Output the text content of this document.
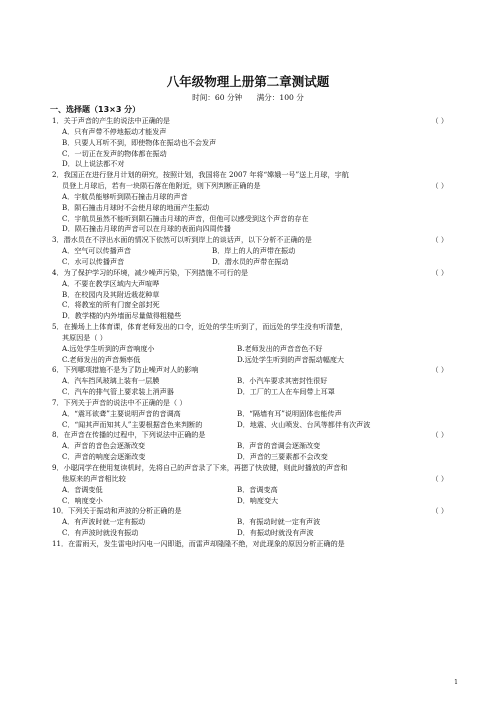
八年级物理上册第二章测试题
时间：60 分钟 满分：100 分
一、选择题（13×3 分）
1．关于声音的产生的说法中正确的是	（ ）
A．只有声带不停地振动才能发声
B．只要人耳听不到，即使物体在振动也不会发声
C．一切正在发声的物体都在振动
D．以上说法都不对
2．我国正在进行登月计划的研究，按照计划，我国将在 2007 年将“嫦娥一号”送上月球，宇航
员登上月球后，若有一块陨石落在他附近，则下列判断正确的是	（ ）
A．宇航员能够听到陨石撞击月球的声音
B．陨石撞击月球时不会使月球的地面产生振动
C．宇航员虽然不能听到陨石撞击月球的声音，但他可以感受到这个声音的存在
D．陨石撞击月球的声音可以在月球的表面向四周传播
3．潜水员在不浮出水面的情况下依然可以听到岸上的谈话声，以下分析不正确的是	（ ）
A．空气可以传播声音	B．岸上的人的声带在振动
C．水可以传播声音	D．潜水员的声带在振动
4．为了保护学习的环境，减少噪声污染，下列措施不可行的是	（ ）
A．不要在教学区域内大声喧哗
B．在校园内及其附近栽花种草
C．将教室的所有门窗全部封死
D．教学楼的内外墙面尽量做得粗糙些
5．在操场上上体育课，体育老师发出的口令，近处的学生听到了，而远处的学生没有听清楚，
其原因是（ ）
A.远处学生听到的声音响度小	B.老师发出的声音音色不好
C.老师发出的声音频率低	D.远处学生听到的声音振动幅度大
6．下列哪项措施不是为了防止噪声对人的影响	（ ）
A．汽车挡风玻璃上装有一层膜	B．小汽车要求其密封性很好
C．汽车的排气管上要求装上消声器	D．工厂的工人在车间带上耳罩
7．下列关于声音的说法中不正确的是（ ）
A．“震耳欲聋”主要说明声音的音调高	B．“隔墙有耳”说明固体也能传声
C．“闻其声而知其人”主要根据音色来判断的	D．地震、火山喷发、台风等都伴有次声波
8．在声音在传播的过程中，下列说法中正确的是	（ ）
A．声音的音色会逐渐改变	B．声音的音调会逐渐改变
C．声音的响度会逐渐改变	D．声音的三要素都不会改变
9．小聪同学在使用复读机时，先将自己的声音录了下来，再摁了快放键，则此时播放的声音和
他原来的声音相比较	（ ）
A．音调变低	B．音调变高
C．响度变小	D．响度变大
10．下列关于振动和声波的分析正确的是	（ ）
A．有声波时就一定有振动	B．有振动时就一定有声波
C．有声波时就没有振动	D．有振动时就没有声波
11．在雷雨天，发生雷电时闪电一闪即逝，而雷声却隆隆不绝，对此现象的原因分析正确的是
1
